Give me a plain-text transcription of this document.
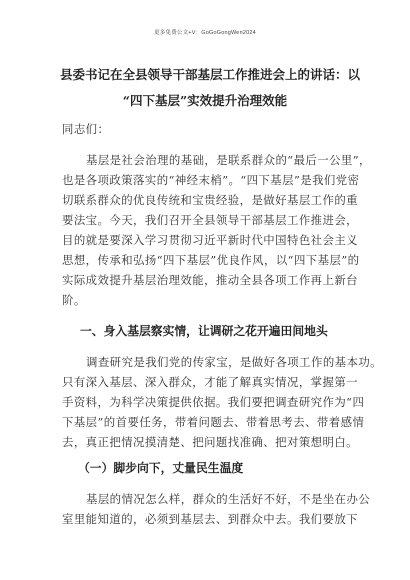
更多免费公文+V：GoGoGongWen2024
县委书记在全县领导干部基层工作推进会上的讲话：以
“四下基层”实效提升治理效能
同志们：
基层是社会治理的基础，是联系群众的“最后一公里”，
也是各项政策落实的“神经末梢”。“四下基层”是我们党密
切联系群众的优良传统和宝贵经验，是做好基层工作的重
要法宝。今天，我们召开全县领导干部基层工作推进会，
目的就是要深入学习贯彻习近平新时代中国特色社会主义
思想，传承和弘扬“四下基层”优良作风，以“四下基层”的
实际成效提升基层治理效能，推动全县各项工作再上新台
阶。
一、身入基层察实情，让调研之花开遍田间地头
调查研究是我们党的传家宝，是做好各项工作的基本功。
只有深入基层、深入群众，才能了解真实情况，掌握第一
手资料，为科学决策提供依据。我们要把调查研究作为“四
下基层”的首要任务，带着问题去、带着思考去、带着感情
去，真正把情况摸清楚、把问题找准确、把对策想明白。
（一）脚步向下，丈量民生温度
基层的情况怎么样，群众的生活好不好，不是坐在办公
室里能知道的，必须到基层去、到群众中去。我们要放下
